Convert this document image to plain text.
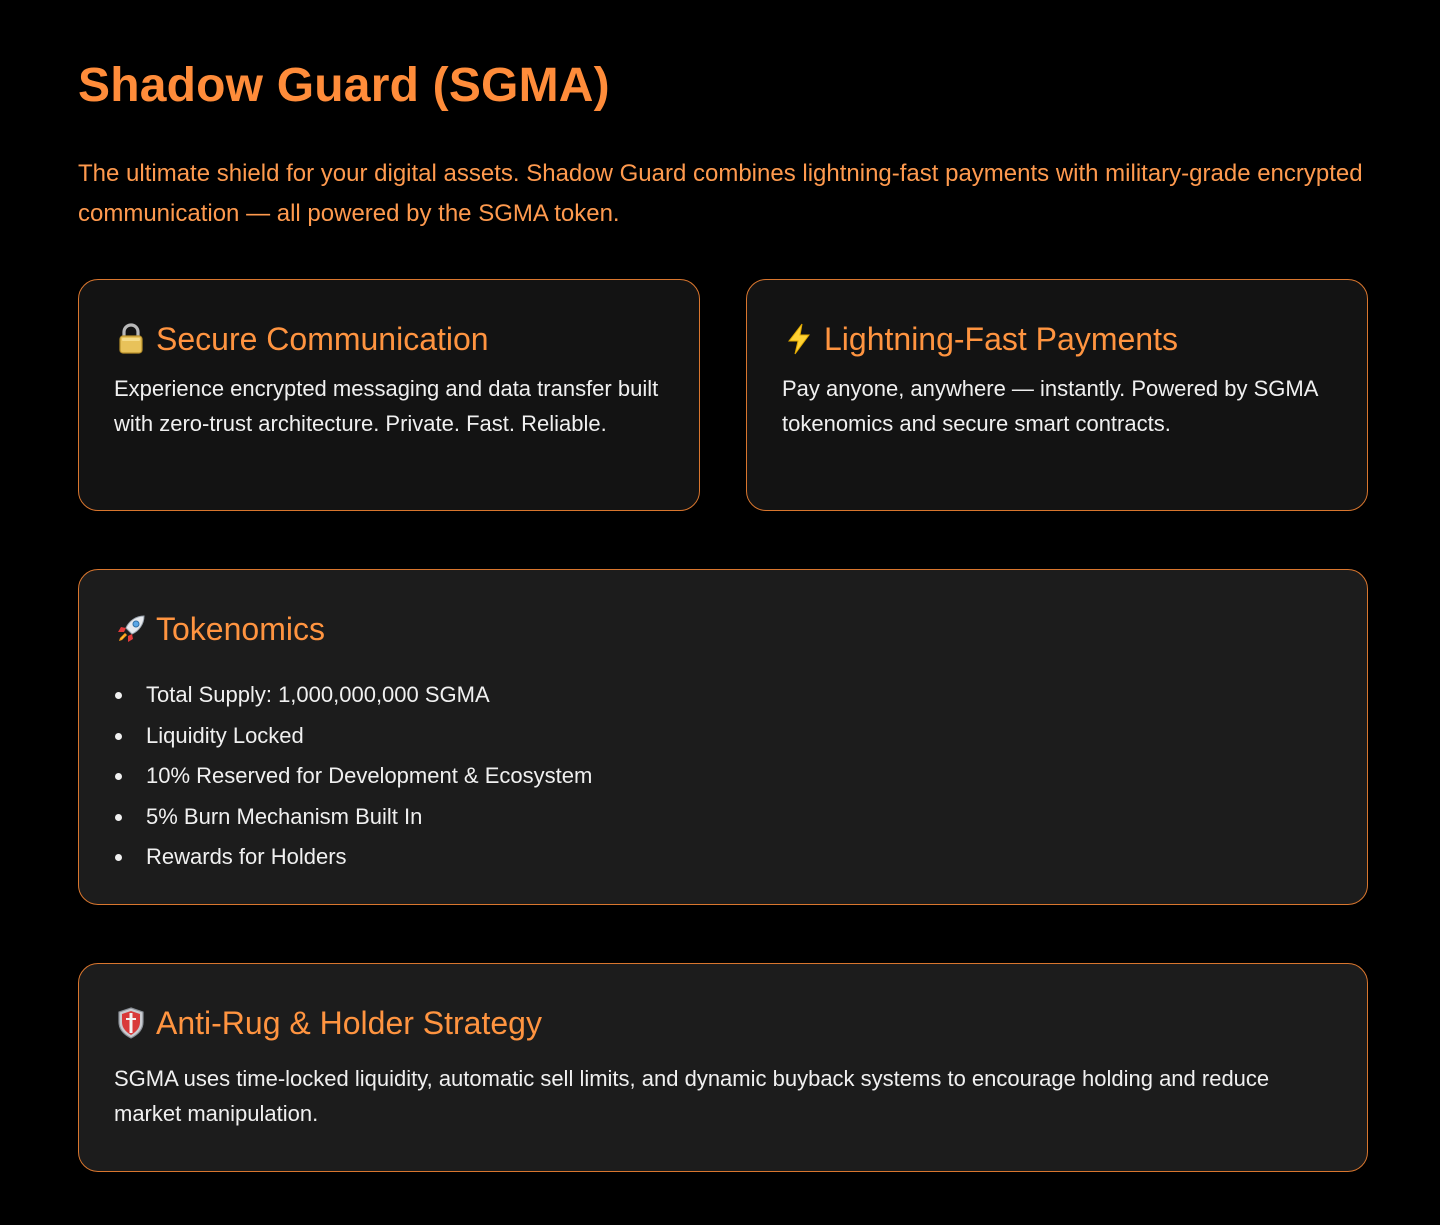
Shadow Guard (SGMA)

The ultimate shield for your digital assets. Shadow Guard combines lightning-fast payments with military-grade encrypted communication — all powered by the SGMA token.

Secure Communication

Experience encrypted messaging and data transfer built with zero-trust architecture. Private. Fast. Reliable.

Lightning-Fast Payments

Pay anyone, anywhere — instantly. Powered by SGMA tokenomics and secure smart contracts.

Tokenomics
Total Supply: 1,000,000,000 SGMA
Liquidity Locked
10% Reserved for Development & Ecosystem
5% Burn Mechanism Built In
Rewards for Holders
Anti-Rug & Holder Strategy

SGMA uses time-locked liquidity, automatic sell limits, and dynamic buyback systems to encourage holding and reduce market manipulation.
